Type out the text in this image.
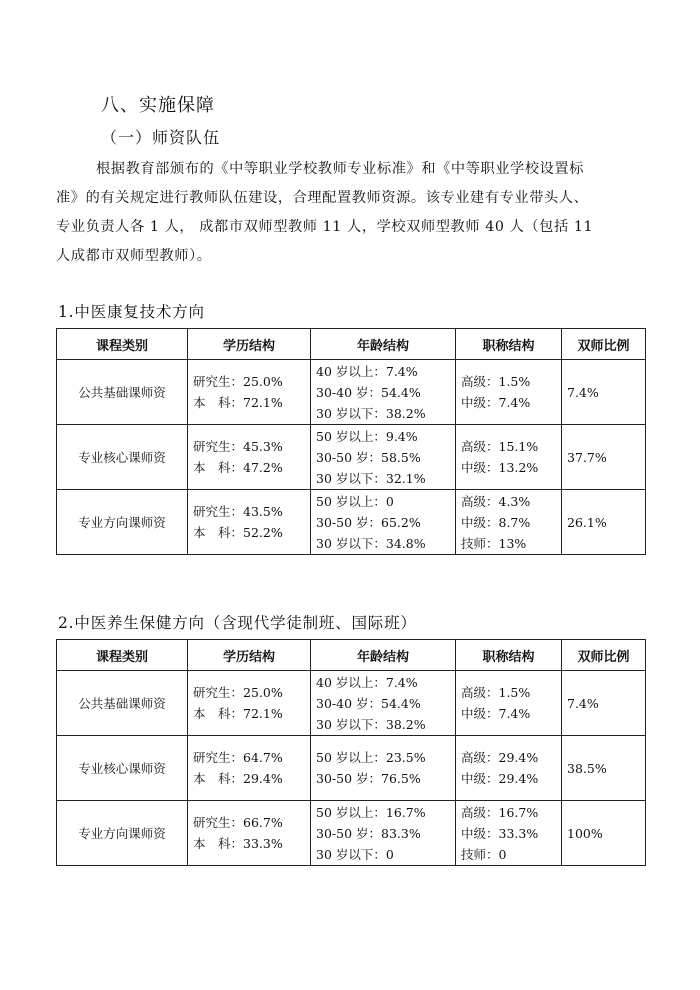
八、实施保障
（一）师资队伍
根据教育部颁布的《中等职业学校教师专业标准》和《中等职业学校设置标
准》的有关规定进行教师队伍建设，合理配置教师资源。该专业建有专业带头人、
专业负责人各 1 人， 成都市双师型教师 11 人，学校双师型教师 40 人（包括 11
人成都市双师型教师）。
1.中医康复技术方向
课程类别	学历结构	年龄结构	职称结构	双师比例
公共基础课师资	研究生：25.0%
本　科：72.1%	40 岁以上：7.4%
30-40 岁：54.4%
30 岁以下：38.2%	高级：1.5%
中级：7.4%	7.4%
专业核心课师资	研究生：45.3%
本　科：47.2%	50 岁以上：9.4%
30-50 岁：58.5%
30 岁以下：32.1%	高级：15.1%
中级：13.2%	37.7%
专业方向课师资	研究生：43.5%
本　科：52.2%	50 岁以上：0
30-50 岁：65.2%
30 岁以下：34.8%	高级：4.3%
中级：8.7%
技师：13%	26.1%
2.中医养生保健方向（含现代学徒制班、国际班）
课程类别	学历结构	年龄结构	职称结构	双师比例
公共基础课师资	研究生：25.0%
本　科：72.1%	40 岁以上：7.4%
30-40 岁：54.4%
30 岁以下：38.2%	高级：1.5%
中级：7.4%	7.4%
专业核心课师资	研究生：64.7%
本　科：29.4%	50 岁以上：23.5%
30-50 岁：76.5%	高级：29.4%
中级：29.4%	38.5%
专业方向课师资	研究生：66.7%
本　科：33.3%	50 岁以上：16.7%
30-50 岁：83.3%
30 岁以下：0	高级：16.7%
中级：33.3%
技师：0	100%
